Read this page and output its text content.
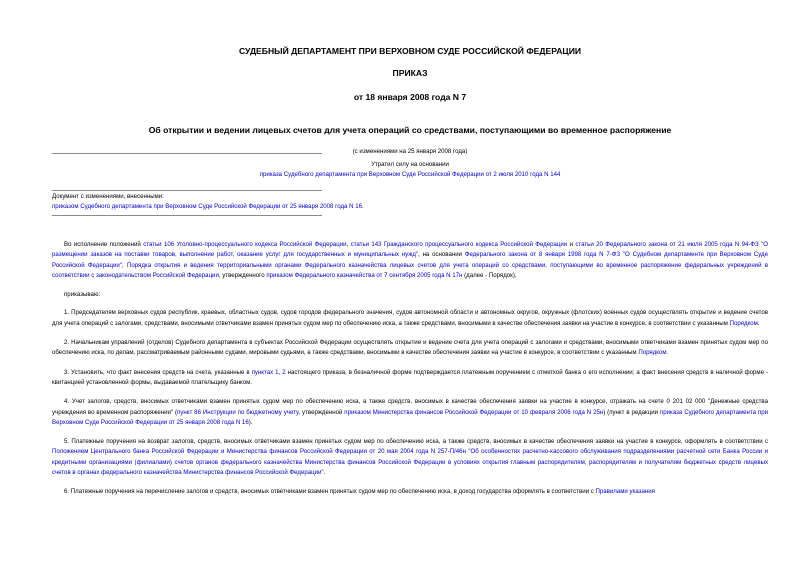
СУДЕБНЫЙ ДЕПАРТАМЕНТ ПРИ ВЕРХОВНОМ СУДЕ РОССИЙСКОЙ ФЕДЕРАЦИИ
ПРИКАЗ
от 18 января 2008 года N 7
Об открытии и ведении лицевых счетов для учета операций со средствами, поступающими во временное распоряжение
(с изменениями на 25 января 2008 года)
Утратил силу на основании
приказа Судебного департамента при Верховном Суде Российской Федерации от 2 июля 2010 года N 144
Документ с изменениями, внесенными:
приказом Судебного департамента при Верховном Суде Российской Федерации от 25 января 2008 года N 16.

Во исполнение положений статьи 106 Уголовно-процессуального кодекса Российской Федерации, статьи 143 Гражданского процессуального кодекса Российской Федерации и статьи 20 Федерального закона от 21 июля 2005 года N 94-ФЗ "О размещении заказов на поставки товаров, выполнение работ, оказание услуг для государственных и муниципальных нужд", на основании Федерального закона от 8 января 1998 года N 7-ФЗ "О Судебном департаменте при Верховном Суде Российской Федерации", Порядка открытия и ведения территориальными органами Федерального казначейства лицевых счетов для учета операций со средствами, поступающими во временное распоряжение федеральных учреждений в соответствии с законодательством Российской Федерации, утвержденного приказом Федерального казначейства от 7 сентября 2005 года N 17н (далее - Порядок),

приказываю:

1. Председателям верховных судов республик, краевых, областных судов, судов городов федерального значения, судов автономной области и автономных округов, окружных (флотских) военных судов осуществлять открытие и ведение счетов для учета операций с залогами, средствами, вносимыми ответчиками взамен принятых судом мер по обеспечению иска, а также средствами, вносимыми в качестве обеспечения заявки на участие в конкурсе, в соответствии с указанным Порядком.

2. Начальникам управлений (отделов) Судебного департамента в субъектах Российской Федерации осуществлять открытие и ведение счета для учета операций с залогами и средствами, вносимыми ответчиками взамен принятых судом мер по обеспечению иска, по делам, рассматриваемым районными судами, мировыми судьями, а также средствами, вносимыми в качестве обеспечения заявки на участие в конкурсе, в соответствии с указанным Порядком.

3. Установить, что факт внесения средств на счета, указанные в пунктах 1, 2 настоящего приказа, в безналичной форме подтверждается платежным поручением с отметкой банка о его исполнении; а факт внесения средств в наличной форме - квитанцией установленной формы, выдаваемой плательщику банком.

4. Учет залогов, средств, вносимых ответчиками взамен принятых судом мер по обеспечению иска, а также средств, вносимых в качестве обеспечения заявки на участие в конкурсе, отражать на счете 0 201 02 000 "Денежные средства учреждения во временном распоряжении" (пункт 86 Инструкции по бюджетному учету, утвержденной приказом Министерства финансов Российской Федерации от 10 февраля 2006 года N 25н) (пункт в редакции приказа Судебного департамента при Верховном Суде Российской Федерации от 25 января 2008 года N 16).

5. Платежные поручения на возврат залогов, средств, вносимых ответчиками взамен принятых судом мер по обеспечению иска, а также средств, вносимых в качестве обеспечения заявки на участие в конкурсе, оформлять в соответствии с Положением Центрального банка Российской Федерации и Министерства финансов Российской Федерации от 20 мая 2004 года N 257-П/46н "Об особенностях расчетно-кассового обслуживания подразделениями расчетной сети Банка России и кредитными организациями (филиалами) счетов органов федерального казначейства Министерства финансов Российской Федерации в условиях открытия главным распорядителям, распорядителям и получателям бюджетных средств лицевых счетов в органах федерального казначейства Министерства финансов Российской Федерации".

6. Платежные поручения на перечисление залогов и средств, вносимых ответчиками взамен принятых судом мер по обеспечению иска, в доход государства оформлять в соответствии с Правилами указания
